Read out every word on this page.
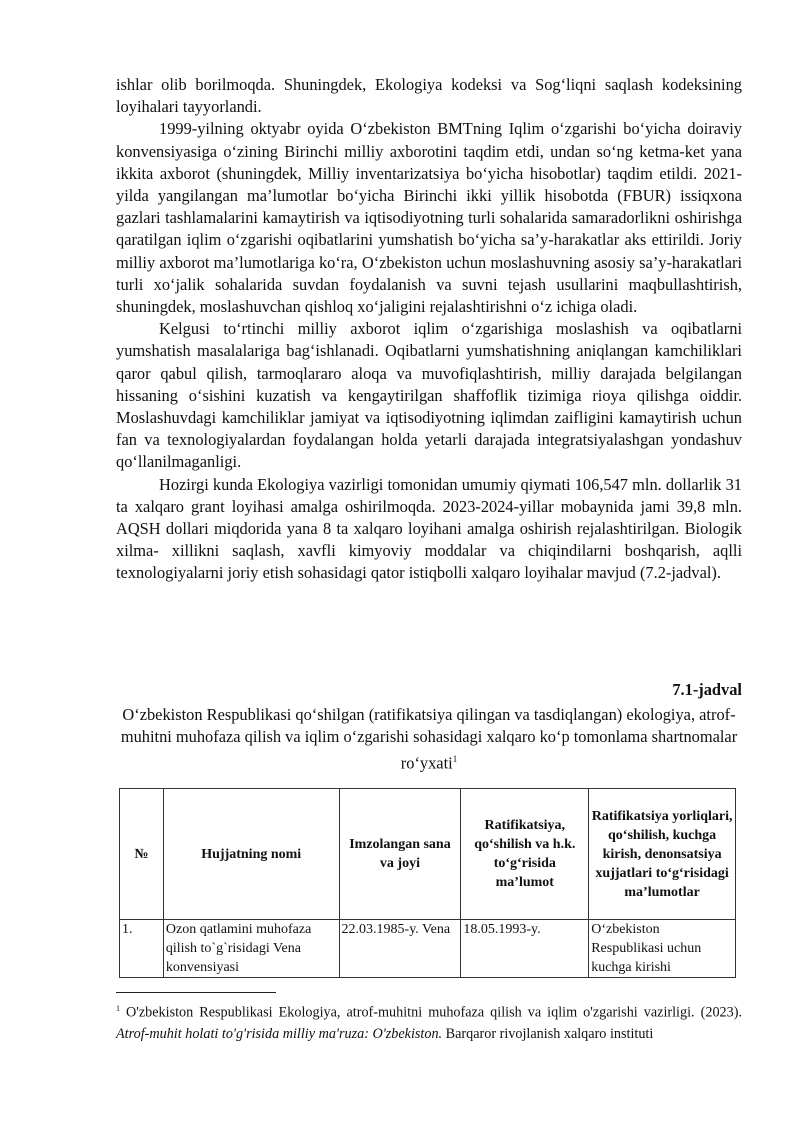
ishlar olib borilmoqda. Shuningdek, Ekologiya kodeksi va Sog‘liqni saqlash kodeksining loyihalari tayyorlandi.

1999-yilning oktyabr oyida O‘zbekiston BMTning Iqlim o‘zgarishi bo‘yicha doiraviy konvensiyasiga o‘zining Birinchi milliy axborotini taqdim etdi, undan so‘ng ketma-ket yana ikkita axborot (shuningdek, Milliy inventarizatsiya bo‘yicha hisobotlar) taqdim etildi. 2021-yilda yangilangan ma’lumotlar bo‘yicha Birinchi ikki yillik hisobotda (FBUR) issiqxona gazlari tashlamalarini kamaytirish va iqtisodiyotning turli sohalarida samaradorlikni oshirishga qaratilgan iqlim o‘zgarishi oqibatlarini yumshatish bo‘yicha sa’y-harakatlar aks ettirildi. Joriy milliy axborot ma’lumotlariga ko‘ra, O‘zbekiston uchun moslashuvning asosiy sa’y-harakatlari turli xo‘jalik sohalarida suvdan foydalanish va suvni tejash usullarini maqbullashtirish, shuningdek, moslashuvchan qishloq xo‘jaligini rejalashtirishni o‘z ichiga oladi.

Kelgusi to‘rtinchi milliy axborot iqlim o‘zgarishiga moslashish va oqibatlarni yumshatish masalalariga bag‘ishlanadi. Oqibatlarni yumshatishning aniqlangan kamchiliklari qaror qabul qilish, tarmoqlararo aloqa va muvofiqlashtirish, milliy darajada belgilangan hissaning o‘sishini kuzatish va kengaytirilgan shaffoflik tizimiga rioya qilishga oiddir. Moslashuvdagi kamchiliklar jamiyat va iqtisodiyotning iqlimdan zaifligini kamaytirish uchun fan va texnologiyalardan foydalangan holda yetarli darajada integratsiyalashgan yondashuv qo‘llanilmaganligi.

Hozirgi kunda Ekologiya vazirligi tomonidan umumiy qiymati 106,547 mln. dollarlik 31 ta xalqaro grant loyihasi amalga oshirilmoqda. 2023-2024-yillar mobaynida jami 39,8 mln. AQSH dollari miqdorida yana 8 ta xalqaro loyihani amalga oshirish rejalashtirilgan. Biologik xilma- xillikni saqlash, xavfli kimyoviy moddalar va chiqindilarni boshqarish, aqlli texnologiyalarni joriy etish sohasidagi qator istiqbolli xalqaro loyihalar mavjud (7.2-jadval).

7.1-jadval
O‘zbekiston Respublikasi qo‘shilgan (ratifikatsiya qilingan va tasdiqlangan) ekologiya, atrof-muhitni muhofaza qilish va iqlim o‘zgarishi sohasidagi xalqaro ko‘p tomonlama shartnomalar ro‘yxati$^1$
№	Hujjatning nomi	Imzolangan sana va joyi	Ratifikatsiya, qo‘shilish va h.k. to‘g‘risida ma’lumot	Ratifikatsiya yorliqlari, qo‘shilish, kuchga kirish, denonsatsiya xujjatlari to‘g‘risidagi ma’lumotlar
1.	Ozon qatlamini muhofaza qilish to`g`risidagi Vena konvensiyasi	22.03.1985-y. Vena	18.05.1993-y.	O‘zbekiston Respublikasi uchun kuchga kirishi
$^1$ O'zbekiston Respublikasi Ekologiya, atrof-muhitni muhofaza qilish va iqlim o'zgarishi vazirligi. (2023). Atrof-muhit holati to'g'risida milliy ma'ruza: O'zbekiston. Barqaror rivojlanish xalqaro instituti
